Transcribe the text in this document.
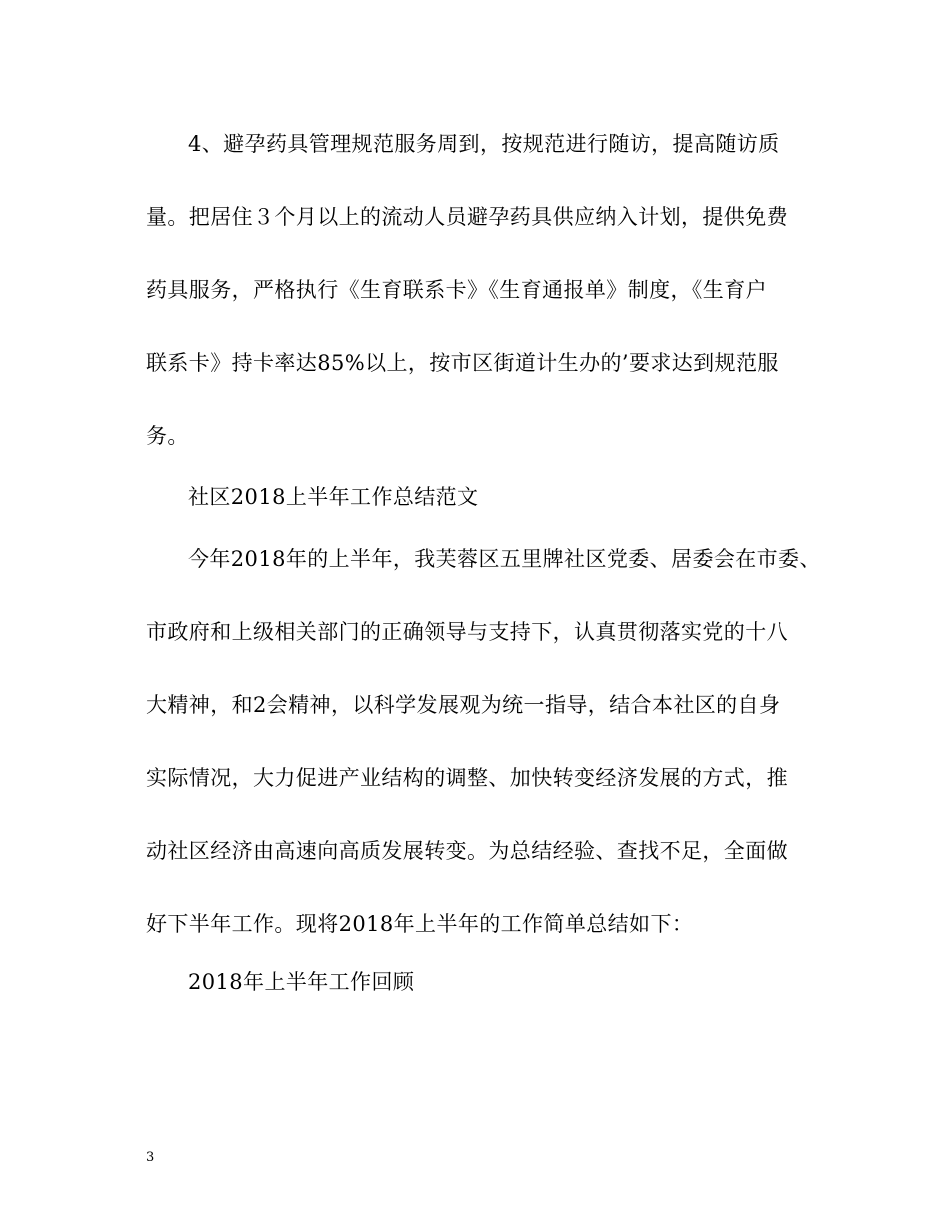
4、避孕药具管理规范服务周到，按规范进行随访，提高随访质
量。把居住３个月以上的流动人员避孕药具供应纳入计划，提供免费
药具服务，严格执行《生育联系卡》《生育通报单》制度，《生育户
联系卡》持卡率达85%以上，按市区街道计生办的’要求达到规范服
务。
社区2018上半年工作总结范文
今年2018年的上半年，我芙蓉区五里牌社区党委、居委会在市委、
市政府和上级相关部门的正确领导与支持下，认真贯彻落实党的十八
大精神，和2会精神，以科学发展观为统一指导，结合本社区的自身
实际情况，大力促进产业结构的调整、加快转变经济发展的方式，推
动社区经济由高速向高质发展转变。为总结经验、查找不足，全面做
好下半年工作。现将2018年上半年的工作简单总结如下：
2018年上半年工作回顾
3
